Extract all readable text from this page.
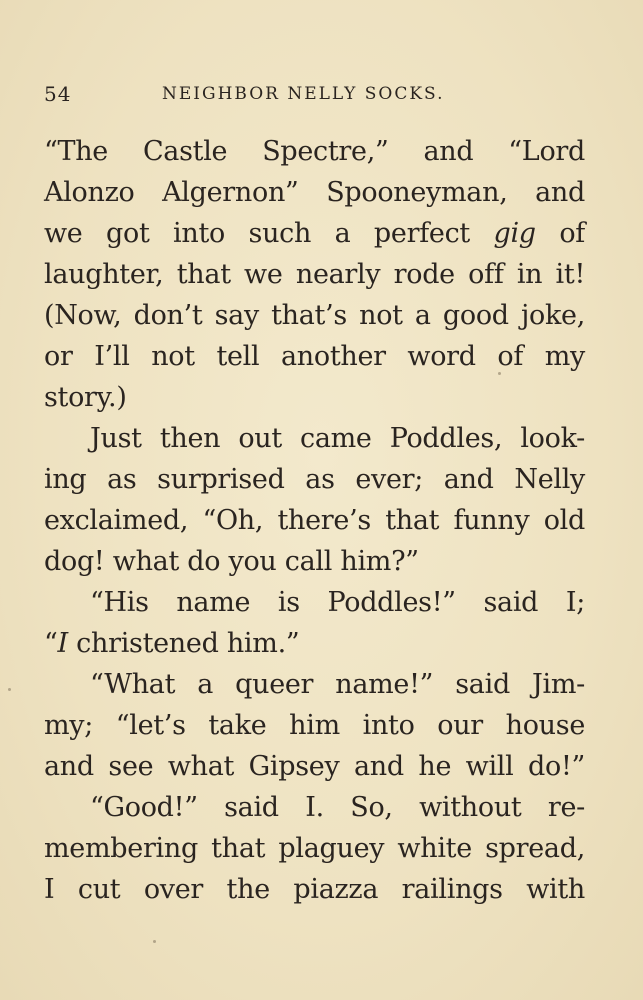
54	NEIGHBOR NELLY SOCKS.
“The Castle Spectre,” and “Lord
Alonzo Algernon” Spooneyman, and
we got into such a perfect gig of
laughter, that we nearly rode off in it!
(Now, don’t say that’s not a good joke,
or I’ll not tell another word of my
story.)
Just then out came Poddles, look-
ing as surprised as ever; and Nelly
exclaimed, “Oh, there’s that funny old
dog! what do you call him?”
“His name is Poddles!” said I;
“I christened him.”
“What a queer name!” said Jim-
my; “let’s take him into our house
and see what Gipsey and he will do!”
“Good!” said I. So, without re-
membering that plaguey white spread,
I cut over the piazza railings with
